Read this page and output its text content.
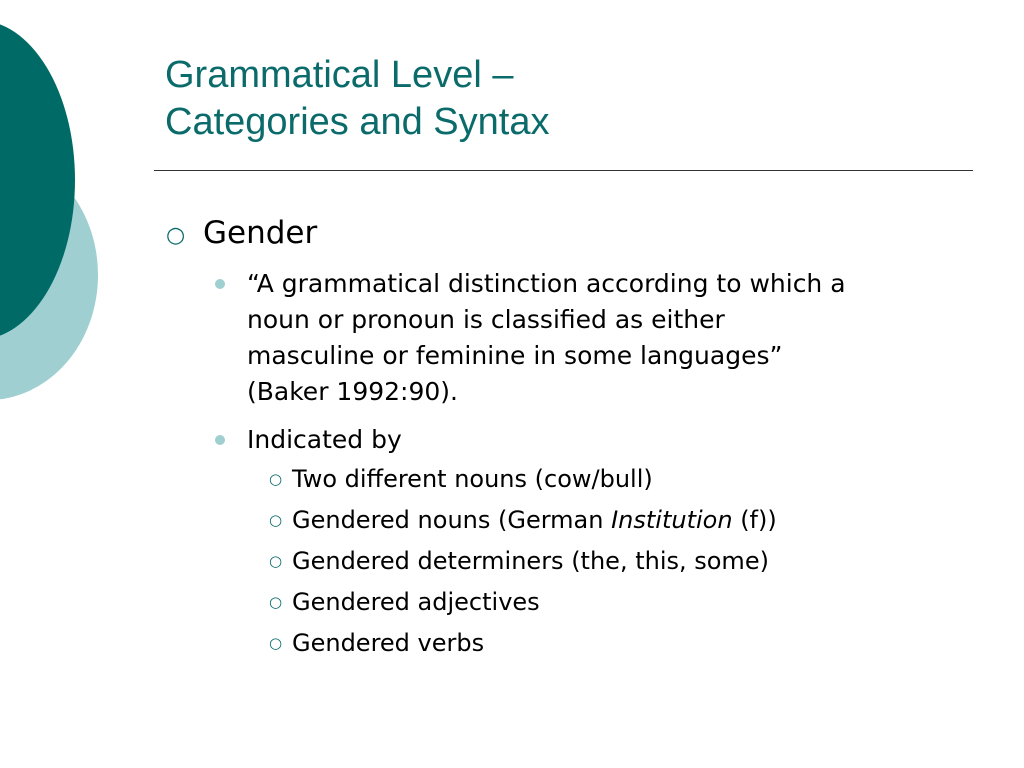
Grammatical Level –
Categories and Syntax
○ Gender
“A grammatical distinction according to which a
noun or pronoun is classified as either
masculine or feminine in some languages”
(Baker 1992:90).
Indicated by
○ Two different nouns (cow/bull)
○ Gendered nouns (German Institution (f))
○ Gendered determiners (the, this, some)
○ Gendered adjectives
○ Gendered verbs
